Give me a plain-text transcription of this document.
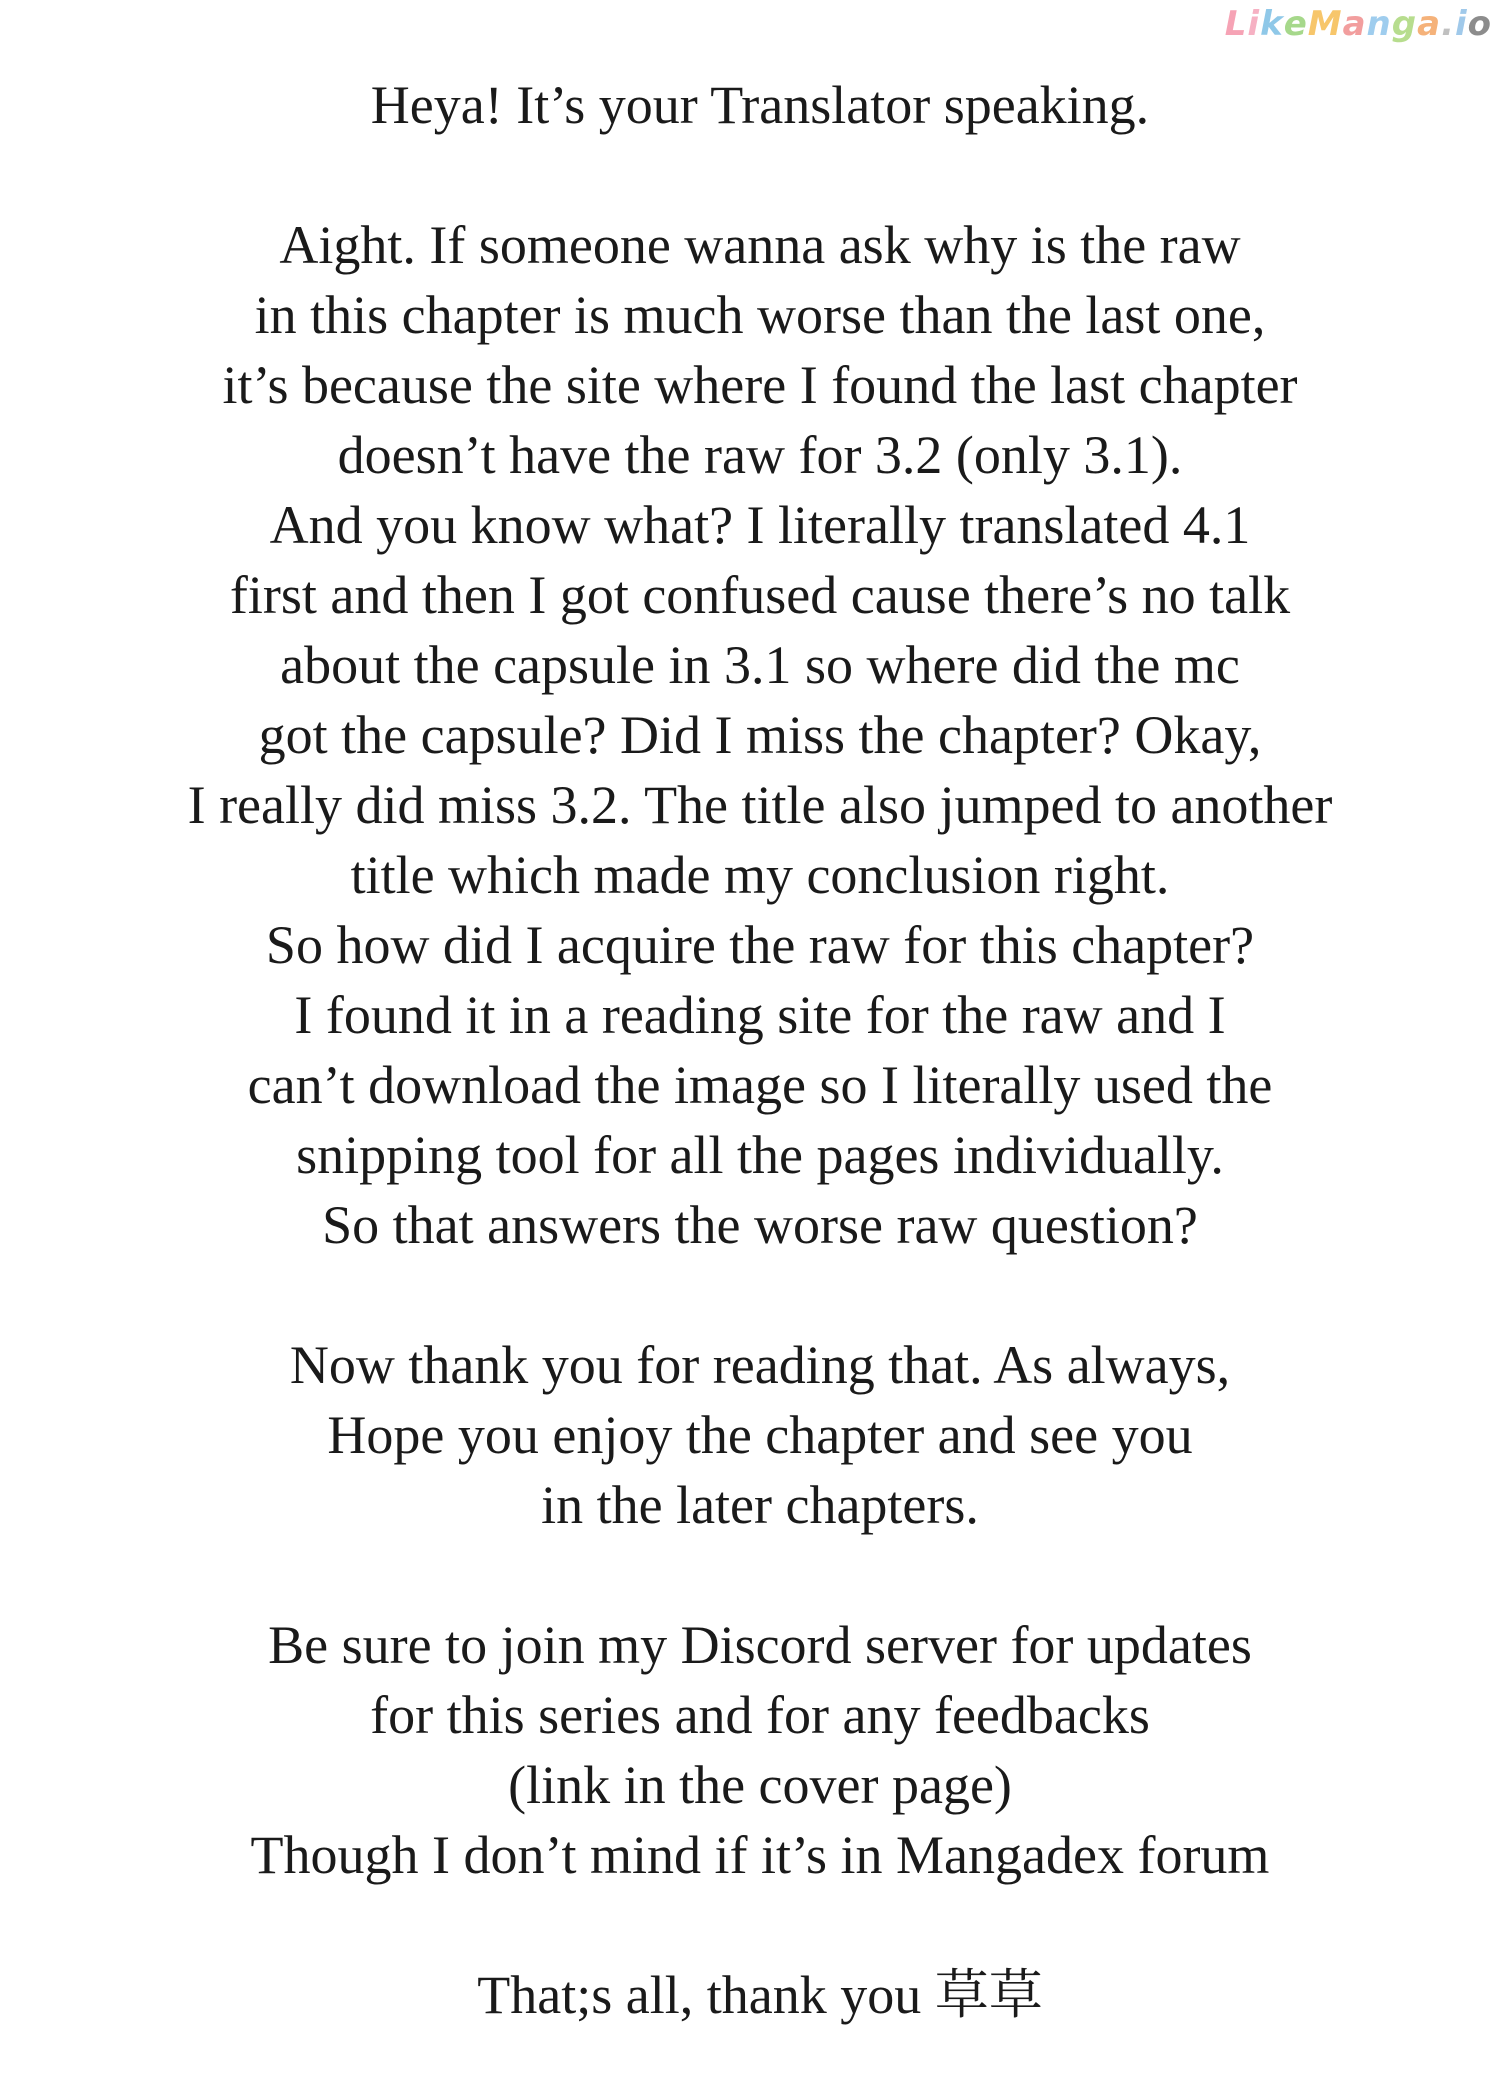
LikeManga.io
Heya! It’s your Translator speaking.
Aight. If someone wanna ask why is the raw
in this chapter is much worse than the last one,
it’s because the site where I found the last chapter
doesn’t have the raw for 3.2 (only 3.1).
And you know what? I literally translated 4.1
first and then I got confused cause there’s no talk
about the capsule in 3.1 so where did the mc
got the capsule? Did I miss the chapter? Okay,
I really did miss 3.2. The title also jumped to another
title which made my conclusion right.
So how did I acquire the raw for this chapter?
I found it in a reading site for the raw and I
can’t download the image so I literally used the
snipping tool for all the pages individually.
So that answers the worse raw question?
Now thank you for reading that. As always,
Hope you enjoy the chapter and see you
in the later chapters.
Be sure to join my Discord server for updates
for this series and for any feedbacks
(link in the cover page)
Though I don’t mind if it’s in Mangadex forum
That;s all, thank you 草草
